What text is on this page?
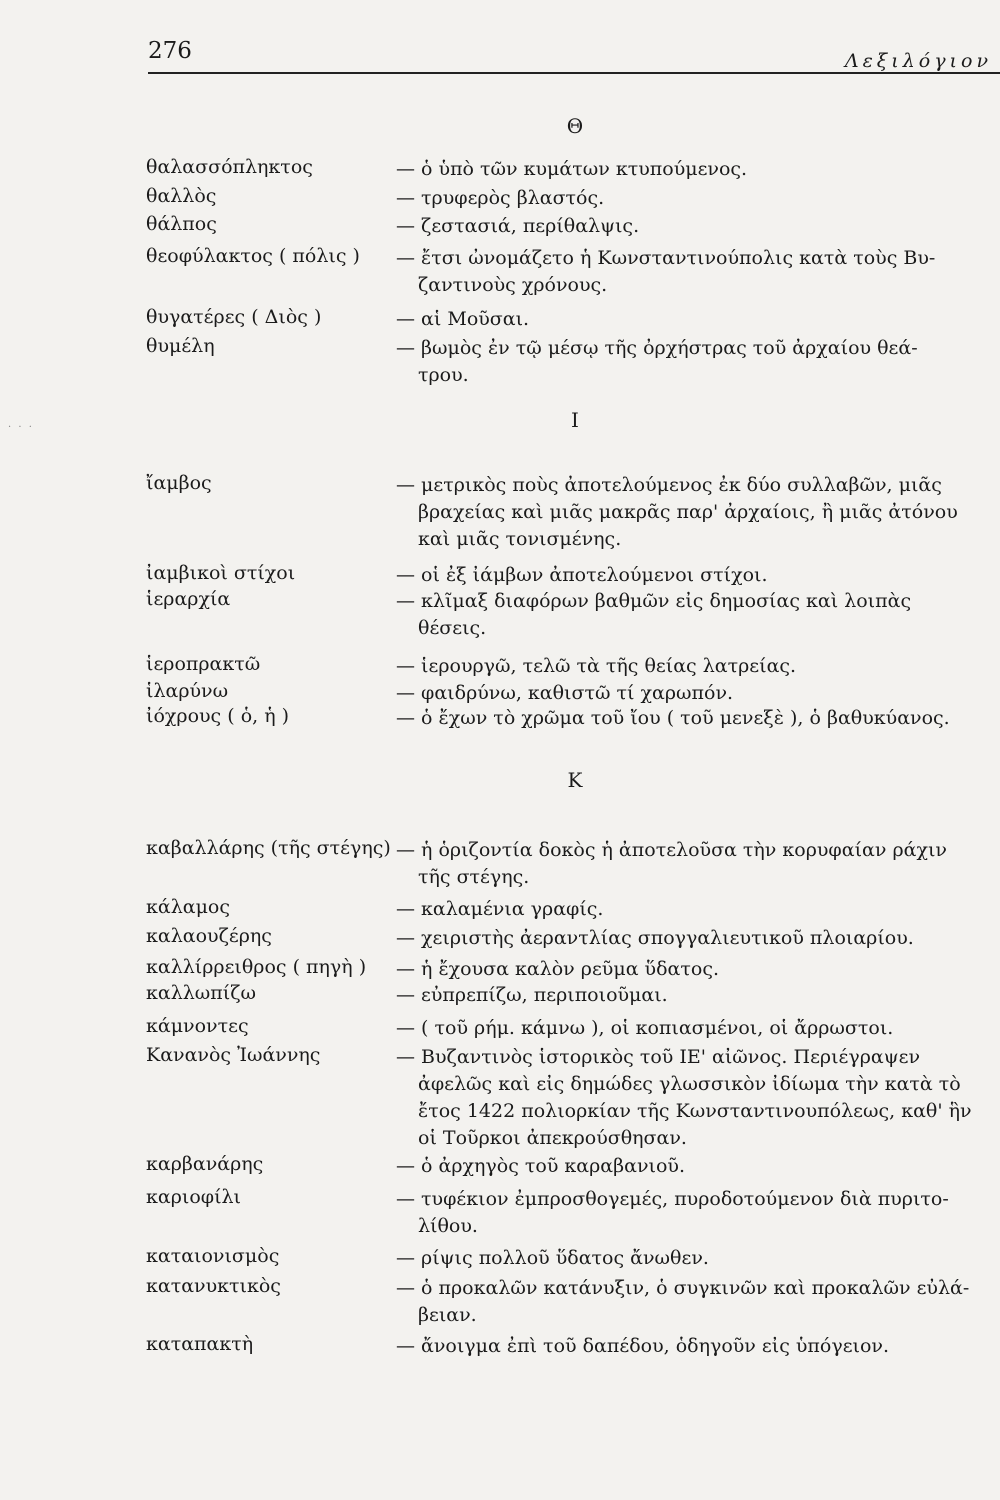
276	Λεξιλόγιον
· · ·
Θ
θαλασσόπληκτος	— ὁ ὑπὸ τῶν κυμάτων κτυπούμενος.
θαλλὸς	— τρυφερὸς βλαστός.
θάλπος	— ζεστασιά, περίθαλψις.
θεοφύλακτος ( πόλις ) — ἔτσι ὠνομάζετο ἡ Κωνσταντινούπολις κατὰ τοὺς Βυ-
ζαντινοὺς χρόνους.
θυγατέρες ( Διὸς )	— αἱ Μοῦσαι.
θυμέλη	— βωμὸς ἐν τῷ μέσῳ τῆς ὀρχήστρας τοῦ ἀρχαίου θεά-
τρου.
Ι
ἴαμβος	— μετρικὸς ποὺς ἀποτελούμενος ἐκ δύο συλλαβῶν, μιᾶς
βραχείας καὶ μιᾶς μακρᾶς παρ' ἀρχαίοις, ἢ μιᾶς ἀτόνου
καὶ μιᾶς τονισμένης.
ἰαμβικοὶ στίχοι	— οἱ ἐξ ἰάμβων ἀποτελούμενοι στίχοι.
ἱεραρχία	— κλῖμαξ διαφόρων βαθμῶν εἰς δημοσίας καὶ λοιπὰς
θέσεις.
ἱεροπρακτῶ	— ἱερουργῶ, τελῶ τὰ τῆς θείας λατρείας.
ἱλαρύνω	— φαιδρύνω, καθιστῶ τί χαρωπόν.
ἰόχρους ( ὁ, ἡ )	— ὁ ἔχων τὸ χρῶμα τοῦ ἴου ( τοῦ μενεξὲ ), ὁ βαθυκύανος.
Κ
καβαλλάρης (τῆς στέγης) — ἡ ὁριζοντία δοκὸς ἡ ἀποτελοῦσα τὴν κορυφαίαν ράχιν
τῆς στέγης.
κάλαμος	— καλαμένια γραφίς.
καλαουζέρης	— χειριστὴς ἀεραντλίας σπογγαλιευτικοῦ πλοιαρίου.
καλλίρρειθρος ( πηγὴ ) — ἡ ἔχουσα καλὸν ρεῦμα ὕδατος.
καλλωπίζω	— εὐπρεπίζω, περιποιοῦμαι.
κάμνοντες	— ( τοῦ ρήμ. κάμνω ), οἱ κοπιασμένοι, οἱ ἄρρωστοι.
Κανανὸς Ἰωάννης	— Βυζαντινὸς ἱστορικὸς τοῦ ΙΕ' αἰῶνος. Περιέγραψεν
ἀφελῶς καὶ εἰς δημώδες γλωσσικὸν ἰδίωμα τὴν κατὰ τὸ
ἔτος 1422 πολιορκίαν τῆς Κωνσταντινουπόλεως, καθ' ἣν
οἱ Τοῦρκοι ἀπεκρούσθησαν.
καρβανάρης	— ὁ ἀρχηγὸς τοῦ καραβανιοῦ.
καριοφίλι	— τυφέκιον ἐμπροσθογεμές, πυροδοτούμενον διὰ πυριτο-
λίθου.
καταιονισμὸς	— ρίψις πολλοῦ ὕδατος ἄνωθεν.
κατανυκτικὸς	— ὁ προκαλῶν κατάνυξιν, ὁ συγκινῶν καὶ προκαλῶν εὐλά-
βειαν.
καταπακτὴ	— ἄνοιγμα ἐπὶ τοῦ δαπέδου, ὁδηγοῦν εἰς ὑπόγειον.
